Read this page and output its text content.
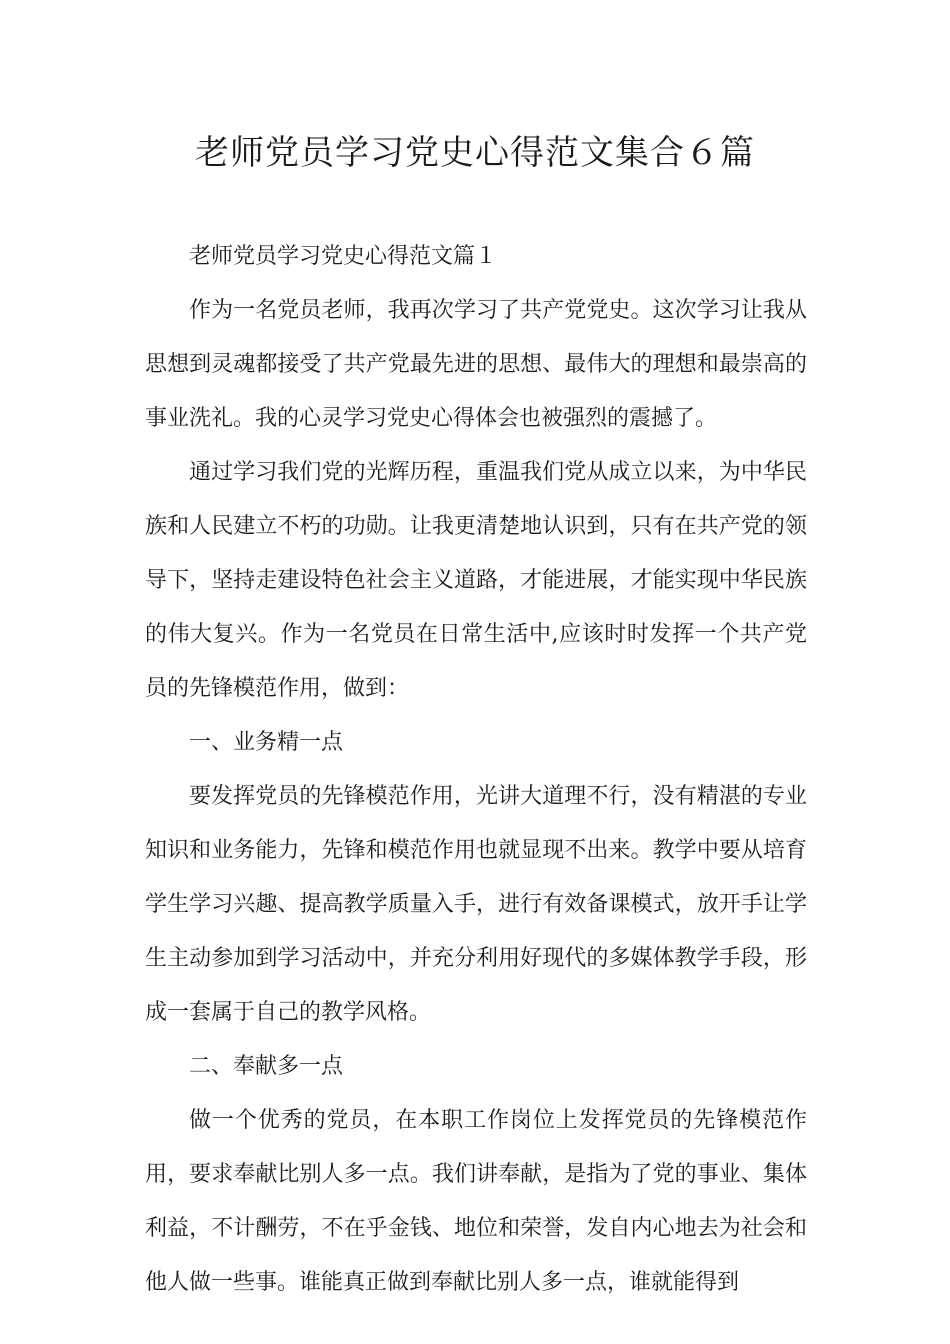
老师党员学习党史心得范文集合６篇

老师党员学习党史心得范文篇１

作为一名党员老师，我再次学习了共产党党史。这次学习让我从思想到灵魂都接受了共产党最先进的思想、最伟大的理想和最崇高的事业洗礼。我的心灵学习党史心得体会也被强烈的震撼了。

通过学习我们党的光辉历程，重温我们党从成立以来，为中华民族和人民建立不朽的功勋。让我更清楚地认识到，只有在共产党的领导下，坚持走建设特色社会主义道路，才能进展，才能实现中华民族的伟大复兴。作为一名党员在日常生活中,应该时时发挥一个共产党员的先锋模范作用，做到：

一、业务精一点

要发挥党员的先锋模范作用，光讲大道理不行，没有精湛的专业知识和业务能力，先锋和模范作用也就显现不出来。教学中要从培育学生学习兴趣、提高教学质量入手，进行有效备课模式，放开手让学生主动参加到学习活动中，并充分利用好现代的多媒体教学手段，形成一套属于自己的教学风格。

二、奉献多一点

做一个优秀的党员，在本职工作岗位上发挥党员的先锋模范作用，要求奉献比别人多一点。我们讲奉献，是指为了党的事业、集体利益，不计酬劳，不在乎金钱、地位和荣誉，发自内心地去为社会和他人做一些事。谁能真正做到奉献比别人多一点，谁就能得到
